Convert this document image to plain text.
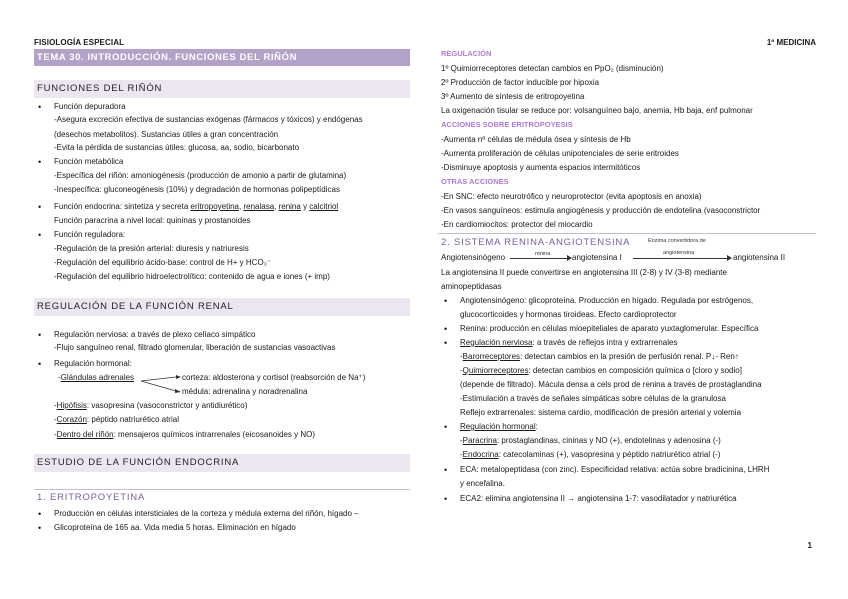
FISIOLOGÍA ESPECIAL	1º MEDICINA
1
TEMA 30. INTRODUCCIÓN. FUNCIONES DEL RIÑÓN
FUNCIONES DEL RIÑÓN
• Función depuradora
-Asegura excreción efectiva de sustancias exógenas (fármacos y tóxicos) y endógenas
(desechos metabolitos). Sustancias útiles a gran concentración
-Evita la pérdida de sustancias útiles: glucosa, aa, sodio, bicarbonato
• Función metabólica
-Específica del riñón: amoniogénesis (producción de amonio a partir de glutamina)
-Inespecífica: gluconeogénesis (10%) y degradación de hormonas polipeptídicas
• Función endocrina: sintetiza y secreta eritropoyetina, renalasa, renina y calcitriol
Función paracrina a nivel local: quininas y prostanoides
• Función reguladora:
-Regulación de la presión arterial: diuresis y natriuresis
-Regulación del equilibrio ácido-base: control de H+ y HCO₃⁻
-Regulación del equilibrio hidroelectrolítico: contenido de agua e iones (+ imp)
REGULACIÓN DE LA FUNCIÓN RENAL
• Regulación nerviosa: a través de plexo celíaco simpático
-Flujo sanguíneo renal, filtrado glomerular, liberación de sustancias vasoactivas
• Regulación hormonal:
-Glándulas adrenales	corteza: aldosterona y cortisol (reabsorción de Na⁺)
médula: adrenalina y noradrenalina
-Hipófisis: vasopresina (vasoconstrictor y antidiurético)
-Corazón: péptido natriurético atrial
-Dentro del riñón: mensajeros químicos intrarrenales (eicosanoides y NO)
ESTUDIO DE LA FUNCIÓN ENDOCRINA
1. ERITROPOYETINA
• Producción en células intersticiales de la corteza y médula externa del riñón, hígado –
• Glicoproteína de 165 aa. Vida media 5 horas. Eliminación en hígado
REGULACIÓN
1º Quimiorreceptores detectan cambios en PpO₂ (disminución)
2º Producción de factor inducible por hipoxia
3º Aumento de síntesis de eritropoyetina
La oxigenación tisular se reduce por: volsanguíneo bajo, anemia, Hb baja, enf pulmonar
ACCIONES SOBRE ERITROPOYESIS
-Aumenta nº células de médula ósea y síntesis de Hb
-Aumenta proliferación de células unipotenciales de serie eritroides
-Disminuye apoptosis y aumenta espacios intermitóticos
OTRAS ACCIONES
-En SNC: efecto neurotrófico y neuroprotector (evita apoptosis en anoxia)
-En vasos sanguíneos: estimula angiogénesis y producción de endotelina (vasoconstrictor
-En cardiomiocitos: protector del miocardio
2. SISTEMA RENINA-ANGIOTENSINA	Enzima convertidora de
angiotensina
renina
Angiotensinógeno	angiotensina I	angiotensina II
La angiotensina II puede convertirse en angiotensina III (2-8) y IV (3-8) mediante
aminopeptidasas
• Angiotensinógeno: glicoproteína. Producción en hígado. Regulada por estrógenos,
glucocorticoides y hormonas tiroideas. Efecto cardioprotector
• Renina: producción en células mioepiteliales de aparato yuxtaglomerular. Específica
• Regulación nerviosa: a través de reflejos intra y extrarrenales
-Barorreceptores: detectan cambios en la presión de perfusión renal. P↓- Ren↑
-Quimiorreceptores: detectan cambios en composición química o [cloro y sodio]
(depende de filtrado). Mácula densa a cels prod de renina a través de prostaglandina
-Estimulación a través de señales simpáticas sobre células de la granulosa
Reflejo extrarrenales: sistema cardio, modificación de presión arterial y volemia
• Regulación hormonal:
-Paracrina: prostaglandinas, cininas y NO (+), endotelinas y adenosina (-)
-Endocrina: catecolaminas (+), vasopresina y péptido natriurético atrial (-)
• ECA: metalopeptidasa (con zinc). Especificidad relativa: actúa sobre bradicinina, LHRH
y encefalina.
• ECA2: elimina angiotensina II → angiotensina 1-7: vasodilatador y natriurética
